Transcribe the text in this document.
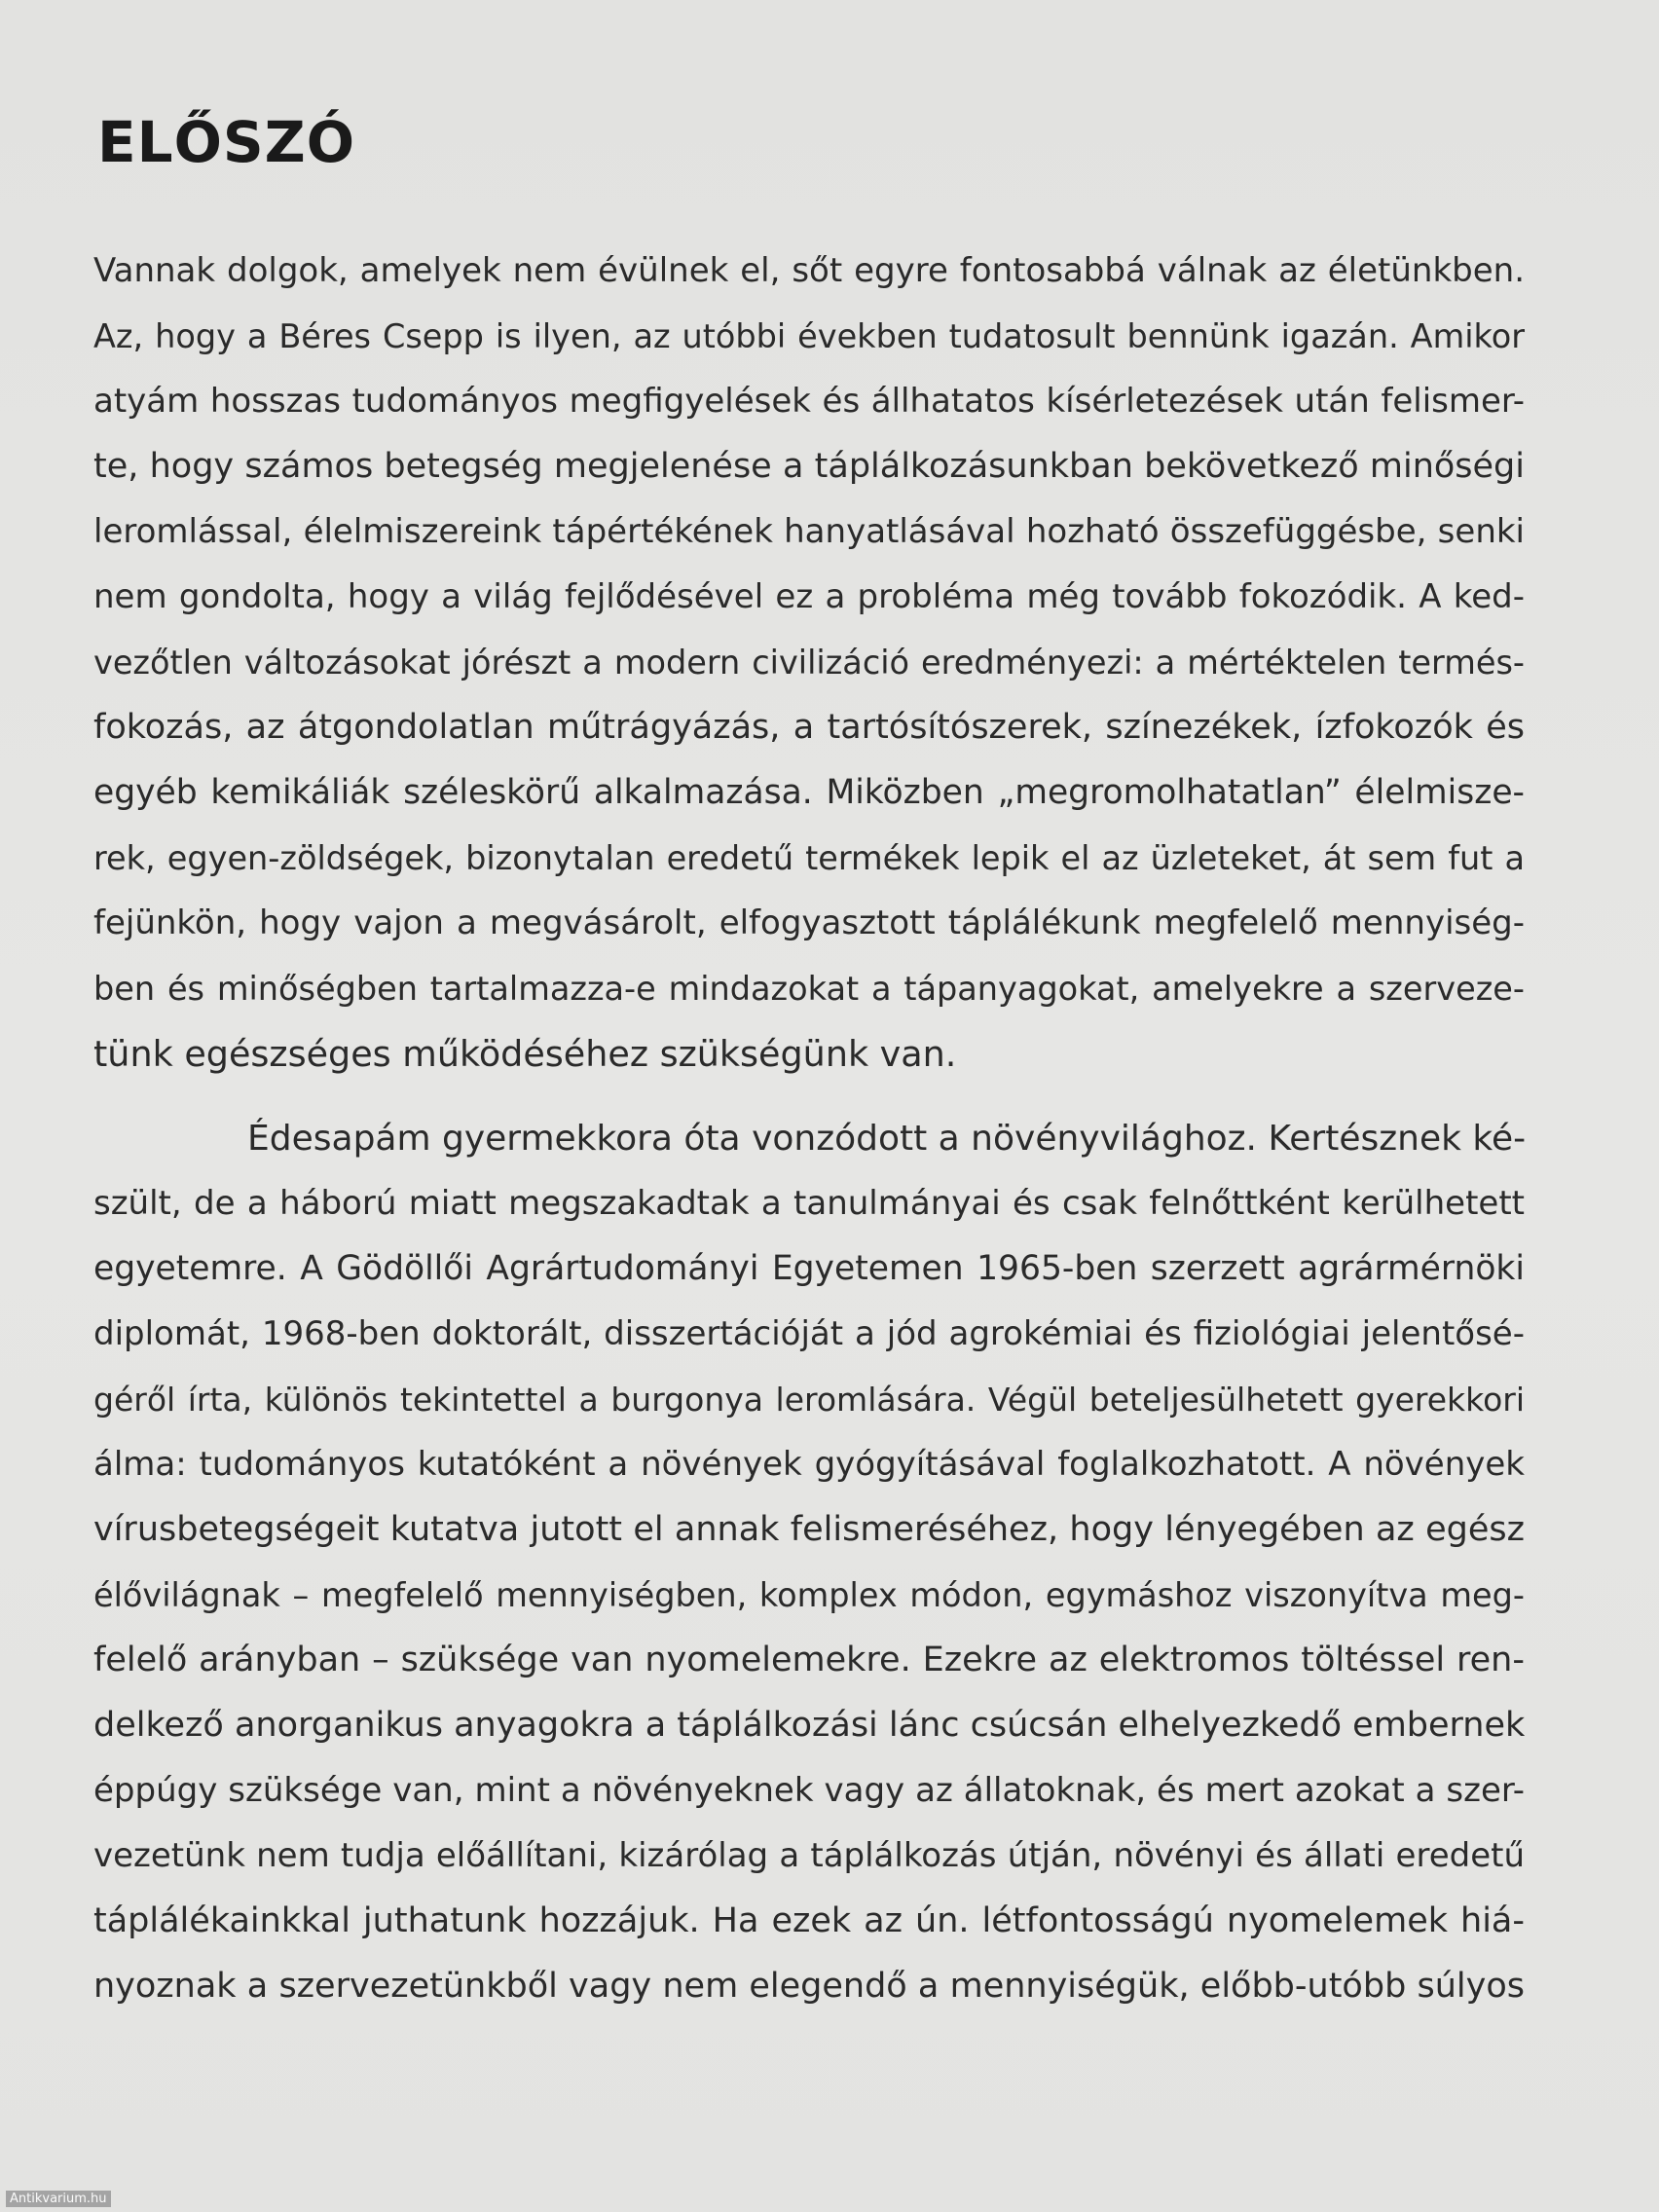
ELŐSZÓ
Vannak dolgok, amelyek nem évülnek el, sőt egyre fontosabbá válnak az életünkben.
Az, hogy a Béres Csepp is ilyen, az utóbbi években tudatosult bennünk igazán. Amikor
atyám hosszas tudományos megfigyelések és állhatatos kísérletezések után felismer-
te, hogy számos betegség megjelenése a táplálkozásunkban bekövetkező minőségi
leromlással, élelmiszereink tápértékének hanyatlásával hozható összefüggésbe, senki
nem gondolta, hogy a világ fejlődésével ez a probléma még tovább fokozódik. A ked-
vezőtlen változásokat jórészt a modern civilizáció eredményezi: a mértéktelen termés-
fokozás, az átgondolatlan műtrágyázás, a tartósítószerek, színezékek, ízfokozók és
egyéb kemikáliák széleskörű alkalmazása. Miközben „megromolhatatlan” élelmisze-
rek, egyen-zöldségek, bizonytalan eredetű termékek lepik el az üzleteket, át sem fut a
fejünkön, hogy vajon a megvásárolt, elfogyasztott táplálékunk megfelelő mennyiség-
ben és minőségben tartalmazza-e mindazokat a tápanyagokat, amelyekre a szerveze-
tünk egészséges működéséhez szükségünk van.
Édesapám gyermekkora óta vonzódott a növényvilághoz. Kertésznek ké-
szült, de a háború miatt megszakadtak a tanulmányai és csak felnőttként kerülhetett
egyetemre. A Gödöllői Agrártudományi Egyetemen 1965-ben szerzett agrármérnöki
diplomát, 1968-ben doktorált, disszertációját a jód agrokémiai és fiziológiai jelentősé-
géről írta, különös tekintettel a burgonya leromlására. Végül beteljesülhetett gyerekkori
álma: tudományos kutatóként a növények gyógyításával foglalkozhatott. A növények
vírusbetegségeit kutatva jutott el annak felismeréséhez, hogy lényegében az egész
élővilágnak – megfelelő mennyiségben, komplex módon, egymáshoz viszonyítva meg-
felelő arányban – szüksége van nyomelemekre. Ezekre az elektromos töltéssel ren-
delkező anorganikus anyagokra a táplálkozási lánc csúcsán elhelyezkedő embernek
éppúgy szüksége van, mint a növényeknek vagy az állatoknak, és mert azokat a szer-
vezetünk nem tudja előállítani, kizárólag a táplálkozás útján, növényi és állati eredetű
táplálékainkkal juthatunk hozzájuk. Ha ezek az ún. létfontosságú nyomelemek hiá-
nyoznak a szervezetünkből vagy nem elegendő a mennyiségük, előbb-utóbb súlyos
Antikvarium.hu
